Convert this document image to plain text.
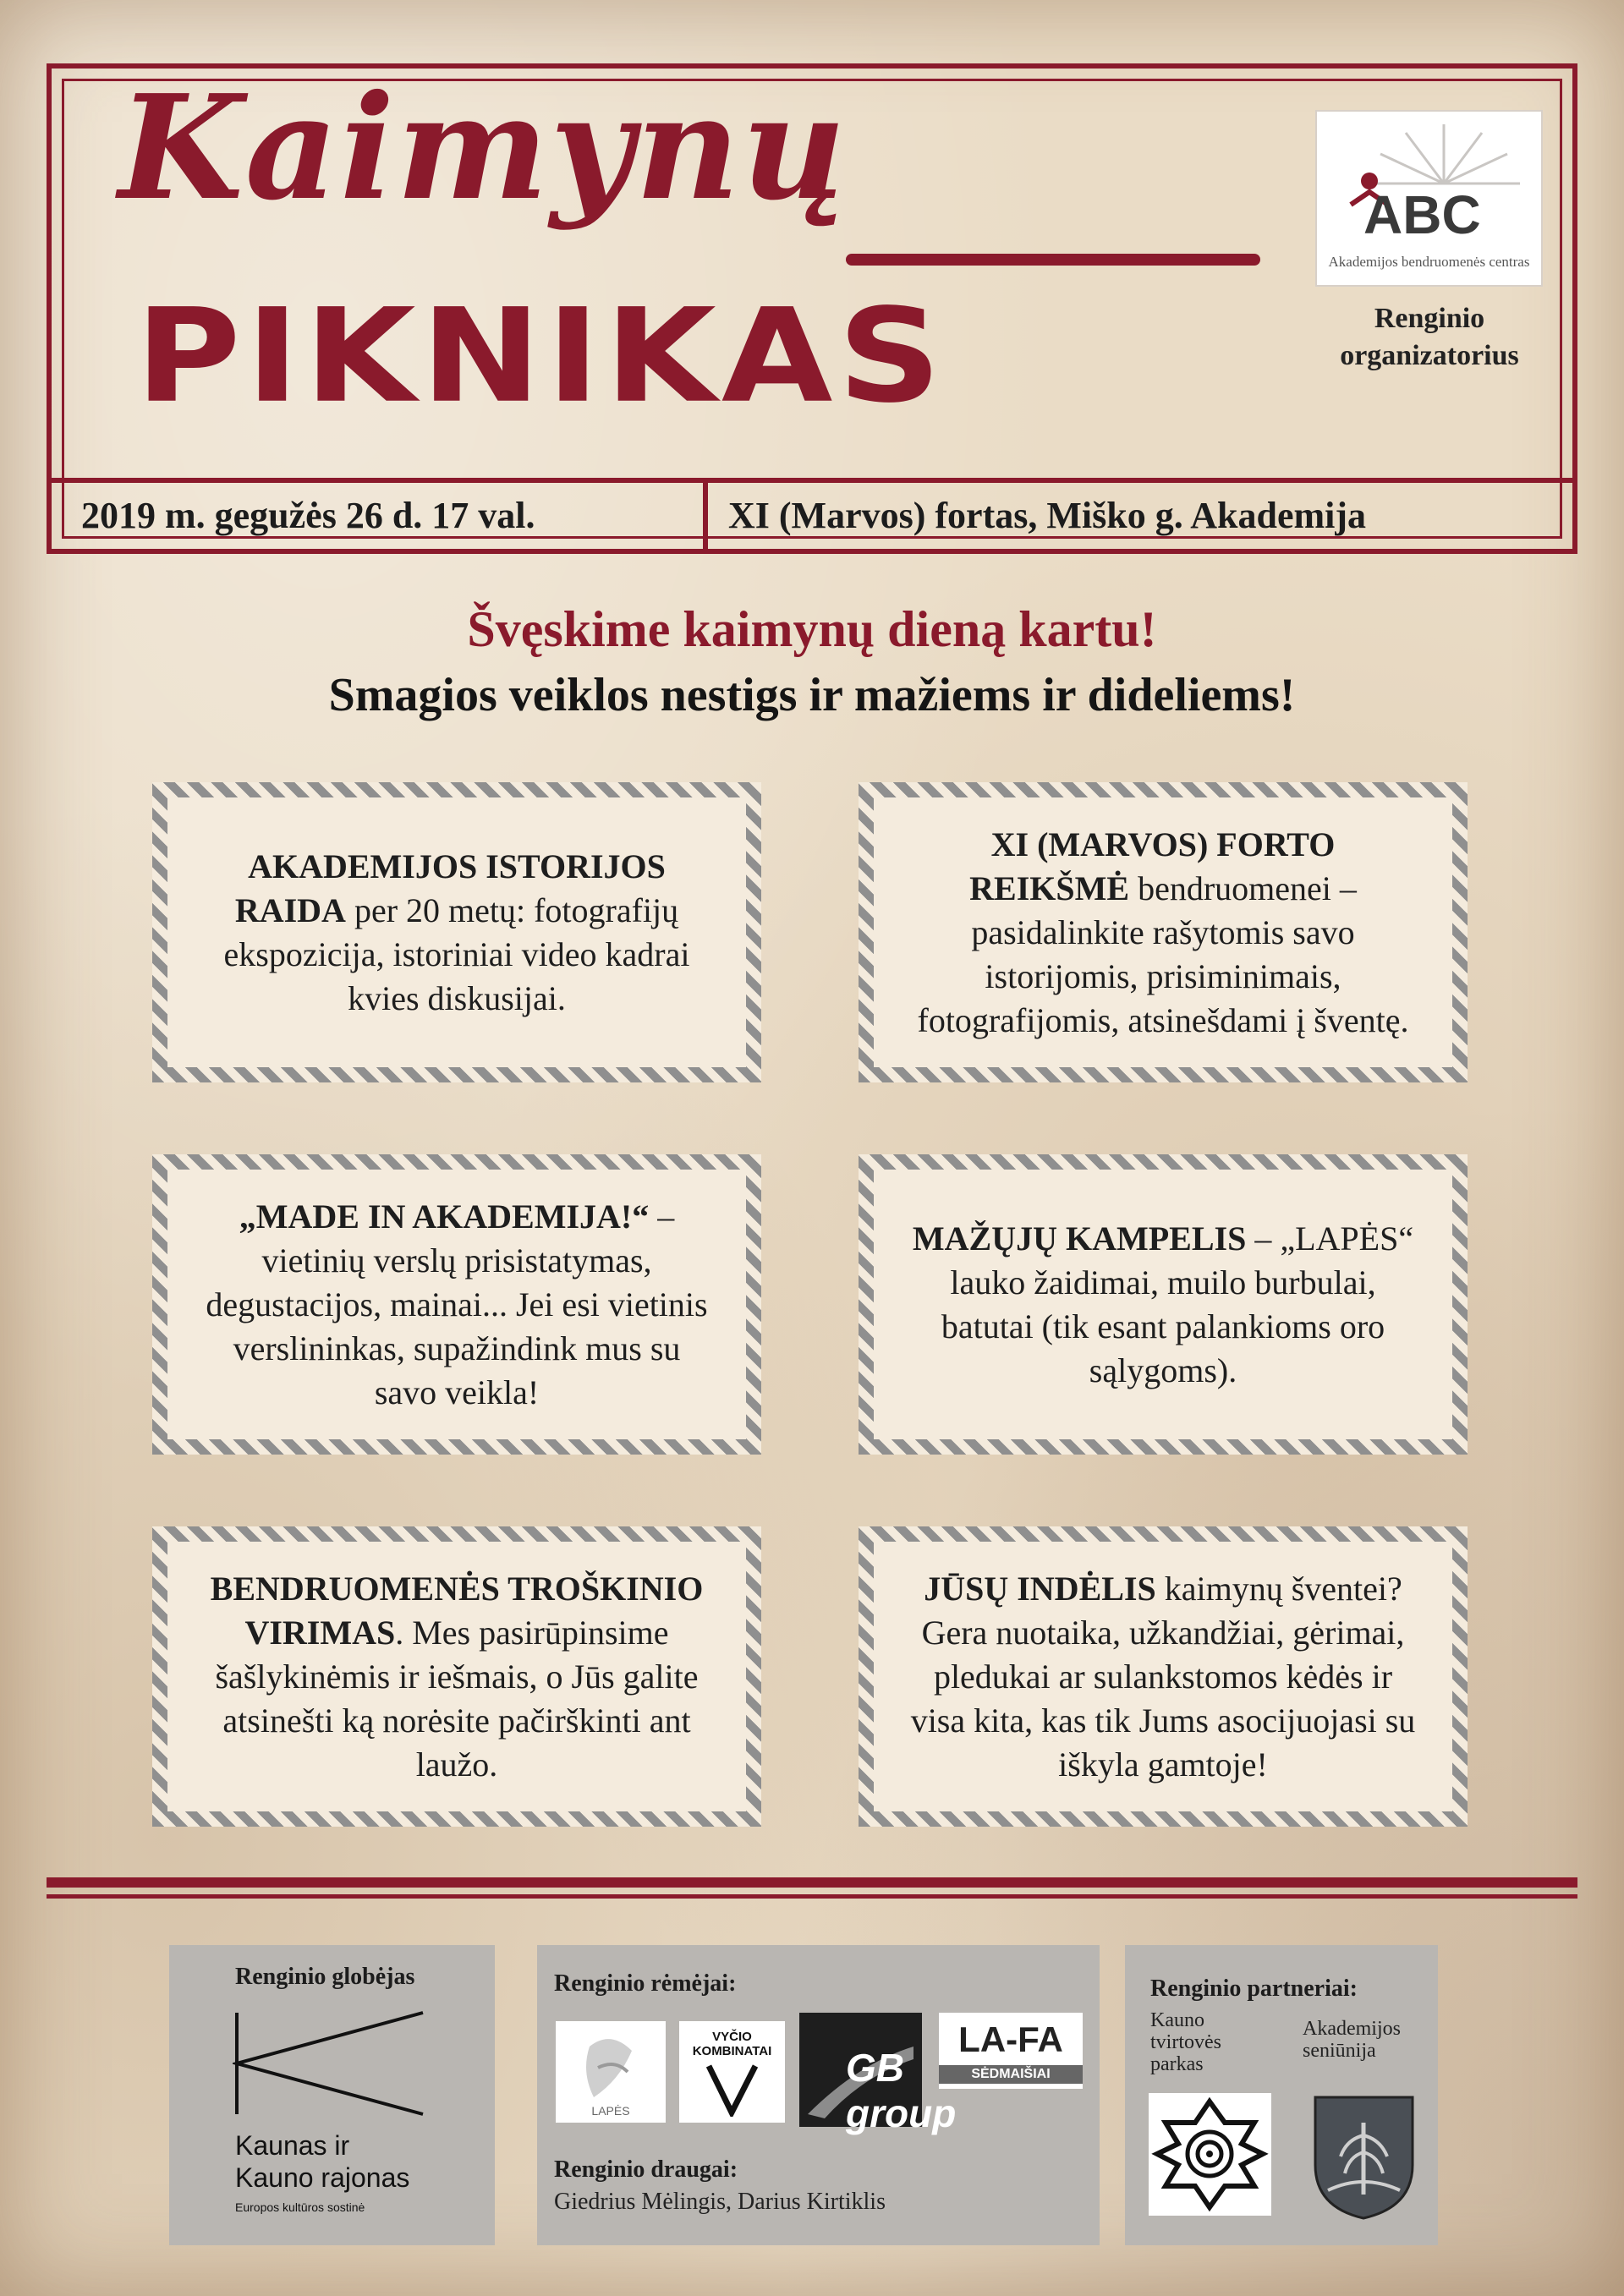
Kaimynų
PIKNIKAS
ABC
Akademijos bendruomenės centras
Renginio
organizatorius
2019 m. gegužės 26 d. 17 val.	XI (Marvos) fortas, Miško g. Akademija
Švęskime kaimynų dieną kartu!
Smagios veiklos nestigs ir mažiems ir dideliems!
AKADEMIJOS ISTORIJOS RAIDA per 20 metų: fotografijų ekspozicija, istoriniai video kadrai kvies diskusijai.
XI (MARVOS) FORTO REIKŠMĖ bendruomenei – pasidalinkite rašytomis savo istorijomis, prisiminimais, fotografijomis, atsinešdami į šventę.
„MADE IN AKADEMIJA!“ – vietinių verslų prisistatymas, degustacijos, mainai... Jei esi vietinis verslininkas, supažindink mus su savo veikla!
MAŽŲJŲ KAMPELIS – „LAPĖS“ lauko žaidimai, muilo burbulai, batutai (tik esant palankioms oro sąlygoms).
BENDRUOMENĖS TROŠKINIO VIRIMAS. Mes pasirūpinsime šašlykinėmis ir iešmais, o Jūs galite atsinešti ką norėsite pačirškinti ant laužo.
JŪSŲ INDĖLIS kaimynų šventei? Gera nuotaika, užkandžiai, gėrimai, pledukai ar sulankstomos kėdės ir visa kita, kas tik Jums asocijuojasi su iškyla gamtoje!
Renginio globėjas
Kaunas ir
Kauno rajonas
Europos kultūros sostinė
Renginio rėmėjai:
LAPĖS
VYČIO KOMBINATAI	GB group
LA-FA
SĖDMAIŠIAI
Renginio draugai:
Giedrius Mėlingis, Darius Kirtiklis
Renginio partneriai:
Kauno
tvirtovės
parkas
Akademijos
seniūnija
